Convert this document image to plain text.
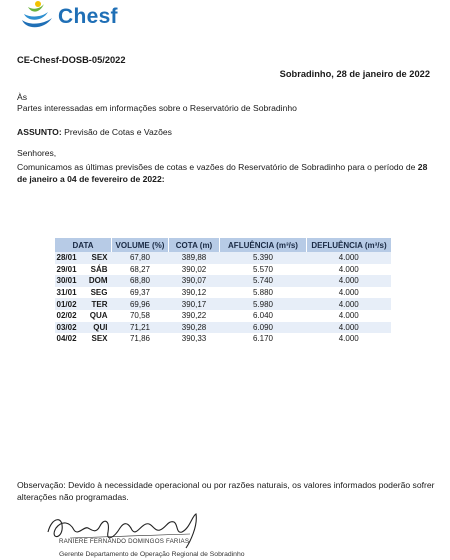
Chesf
CE-Chesf-DOSB-05/2022
Sobradinho, 28 de janeiro de 2022
Às
Partes interessadas em informações sobre o Reservatório de Sobradinho
ASSUNTO: Previsão de Cotas e Vazões
Senhores,
Comunicamos as últimas previsões de cotas e vazões do Reservatório de Sobradinho para o período de 28 de janeiro a 04 de fevereiro de 2022:
DATA	VOLUME (%)	COTA (m)	AFLUÊNCIA (m³/s)	DEFLUÊNCIA (m³/s)
28/01 SEX	67,80	389,88	5.390	4.000
29/01 SÁB	68,27	390,02	5.570	4.000
30/01 DOM	68,80	390,07	5.740	4.000
31/01 SEG	69,37	390,12	5.880	4.000
01/02 TER	69,96	390,17	5.980	4.000
02/02 QUA	70,58	390,22	6.040	4.000
03/02 QUI	71,21	390,28	6.090	4.000
04/02 SEX	71,86	390,33	6.170	4.000
Observação: Devido à necessidade operacional ou por razões naturais, os valores informados poderão sofrer alterações não programadas.
RANIERE FERNANDO DOMINGOS FARIAS
Gerente Departamento de Operação Regional de Sobradinho
